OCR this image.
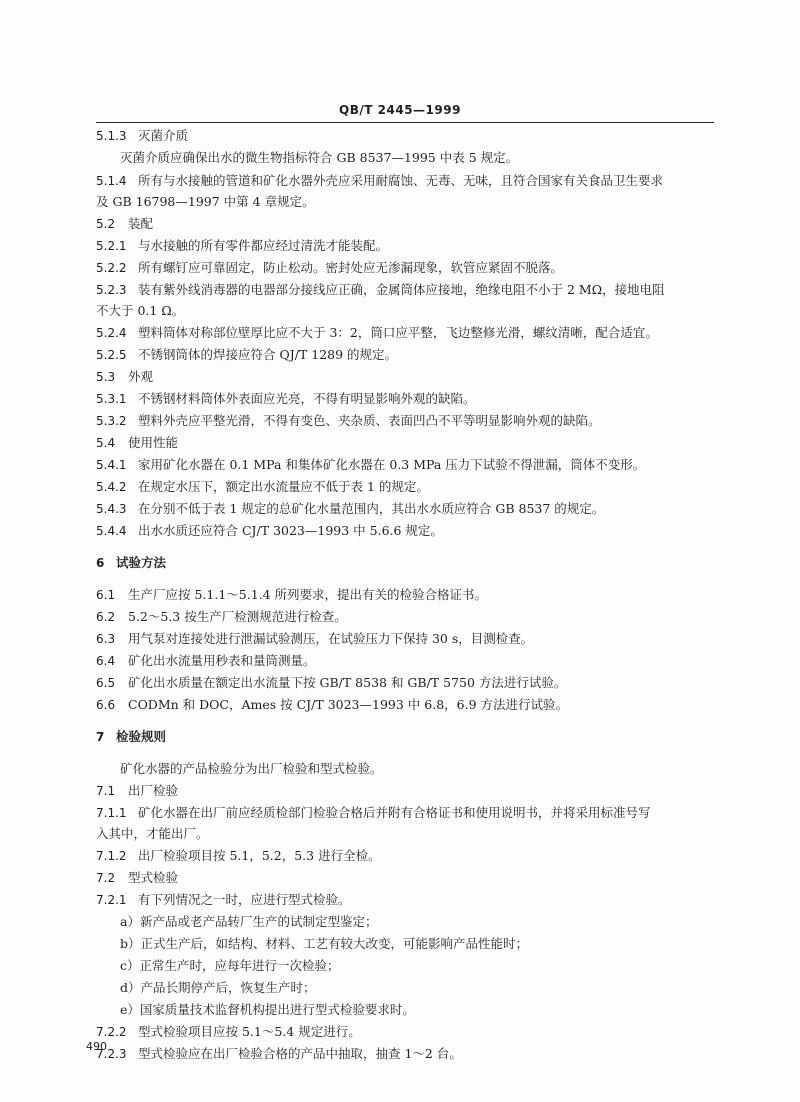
QB/T 2445—1999
5.1.3 灭菌介质
灭菌介质应确保出水的微生物指标符合 GB 8537—1995 中表 5 规定。
5.1.4 所有与水接触的管道和矿化水器外壳应采用耐腐蚀、无毒、无味，且符合国家有关食品卫生要求
及 GB 16798—1997 中第 4 章规定。
5.2 装配
5.2.1 与水接触的所有零件都应经过清洗才能装配。
5.2.2 所有螺钉应可靠固定，防止松动。密封处应无渗漏现象，软管应紧固不脱落。
5.2.3 装有紫外线消毒器的电器部分接线应正确，金属筒体应接地，绝缘电阻不小于 2 MΩ，接地电阻
不大于 0.1 Ω。
5.2.4 塑料筒体对称部位壁厚比应不大于 3：2，筒口应平整，飞边整修光滑，螺纹清晰，配合适宜。
5.2.5 不锈钢筒体的焊接应符合 QJ/T 1289 的规定。
5.3 外观
5.3.1 不锈钢材料筒体外表面应光亮，不得有明显影响外观的缺陷。
5.3.2 塑料外壳应平整光滑，不得有变色、夹杂质、表面凹凸不平等明显影响外观的缺陷。
5.4 使用性能
5.4.1 家用矿化水器在 0.1 MPa 和集体矿化水器在 0.3 MPa 压力下试验不得泄漏，筒体不变形。
5.4.2 在规定水压下，额定出水流量应不低于表 1 的规定。
5.4.3 在分别不低于表 1 规定的总矿化水量范围内，其出水水质应符合 GB 8537 的规定。
5.4.4 出水水质还应符合 CJ/T 3023—1993 中 5.6.6 规定。
6 试验方法
6.1 生产厂应按 5.1.1～5.1.4 所列要求，提出有关的检验合格证书。
6.2 5.2～5.3 按生产厂检测规范进行检查。
6.3 用气泵对连接处进行泄漏试验测压，在试验压力下保持 30 s，目测检查。
6.4 矿化出水流量用秒表和量筒测量。
6.5 矿化出水质量在额定出水流量下按 GB/T 8538 和 GB/T 5750 方法进行试验。
6.6 CODMn 和 DOC，Ames 按 CJ/T 3023—1993 中 6.8，6.9 方法进行试验。
7 检验规则
矿化水器的产品检验分为出厂检验和型式检验。
7.1 出厂检验
7.1.1 矿化水器在出厂前应经质检部门检验合格后并附有合格证书和使用说明书，并将采用标准号写
入其中，才能出厂。
7.1.2 出厂检验项目按 5.1，5.2，5.3 进行全检。
7.2 型式检验
7.2.1 有下列情况之一时，应进行型式检验。
a）新产品或老产品转厂生产的试制定型鉴定；
b）正式生产后，如结构、材料、工艺有较大改变，可能影响产品性能时；
c）正常生产时，应每年进行一次检验；
d）产品长期停产后，恢复生产时；
e）国家质量技术监督机构提出进行型式检验要求时。
7.2.2 型式检验项目应按 5.1～5.4 规定进行。
7.2.3 型式检验应在出厂检验合格的产品中抽取，抽查 1～2 台。
490
